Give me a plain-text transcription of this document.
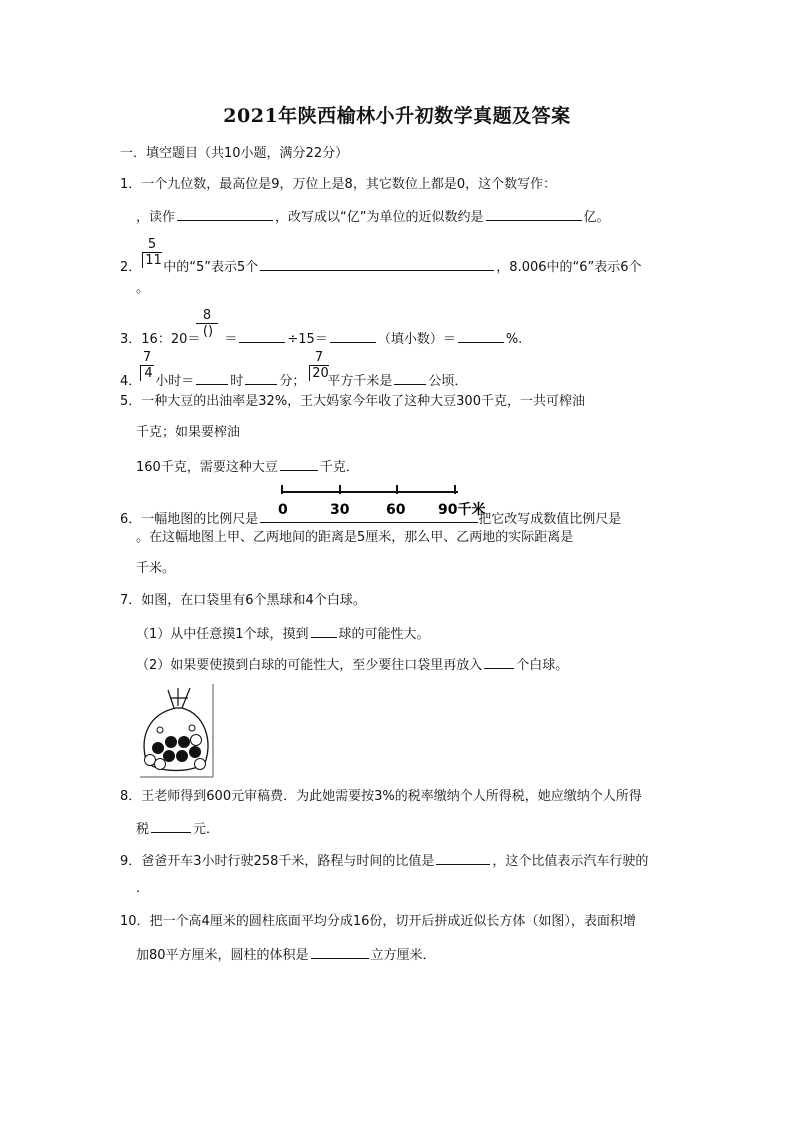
2021年陕西榆林小升初数学真题及答案
一．填空题目（共10小题，满分22分）
1．一个九位数，最高位是9，万位上是8，其它数位上都是0，这个数写作：
，读作	，改写成以“亿”为单位的近似数约是	亿。
5
11
2． 中的“5”表示5个	，8.006中的“6”表示6个
。
8
()
3．16：20＝ ＝	÷15＝	（填小数）＝	%.
7
4
7
20
4． 小时＝	时	分； 平方千米是	公顷．
5．一种大豆的出油率是32%，王大妈家今年收了这种大豆300千克，一共可榨油
千克；如果要榨油
160千克，需要这种大豆	千克．
0	30	60 90千米
6．一幅地图的比例尺是	把它改写成数值比例尺是
。在这幅地图上甲、乙两地间的距离是5厘米，那么甲、乙两地的实际距离是
千米。
7．如图，在口袋里有6个黑球和4个白球。
（1）从中任意摸1个球，摸到 球的可能性大。
（2）如果要使摸到白球的可能性大，至少要往口袋里再放入	个白球。
8．王老师得到600元审稿费．为此她需要按3%的税率缴纳个人所得税，她应缴纳个人所得
税	元．
9．爸爸开车3小时行驶258千米，路程与时间的比值是	，这个比值表示汽车行驶的
.
10．把一个高4厘米的圆柱底面平均分成16份，切开后拼成近似长方体（如图），表面积增
加80平方厘米，圆柱的体积是	立方厘米．
